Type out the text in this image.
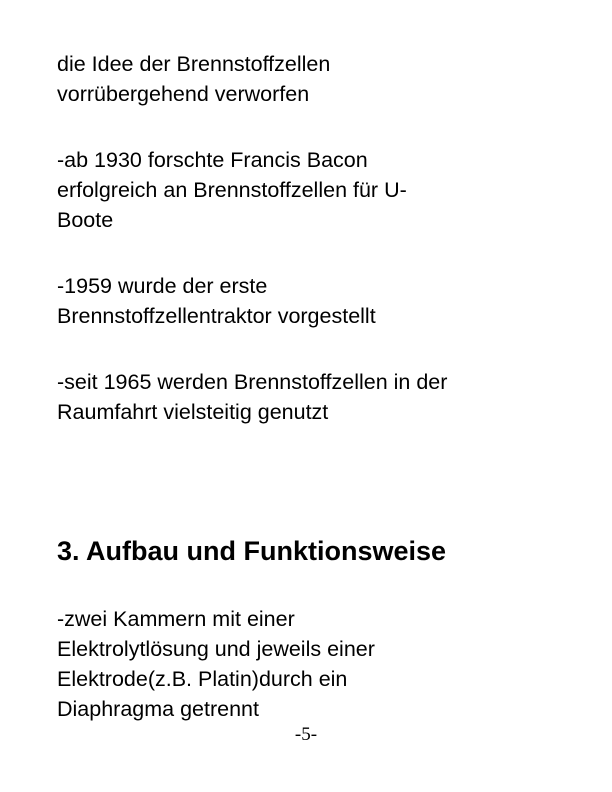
die Idee der Brennstoffzellen
vorrübergehend verworfen

-ab 1930 forschte Francis Bacon
erfolgreich an Brennstoffzellen für U-
Boote

-1959 wurde der erste
Brennstoffzellentraktor vorgestellt

-seit 1965 werden Brennstoffzellen in der
Raumfahrt vielsteitig genutzt

3. Aufbau und Funktionsweise

-zwei Kammern mit einer
Elektrolytlösung und jeweils einer
Elektrode(z.B. Platin)durch ein
Diaphragma getrennt

-5-
